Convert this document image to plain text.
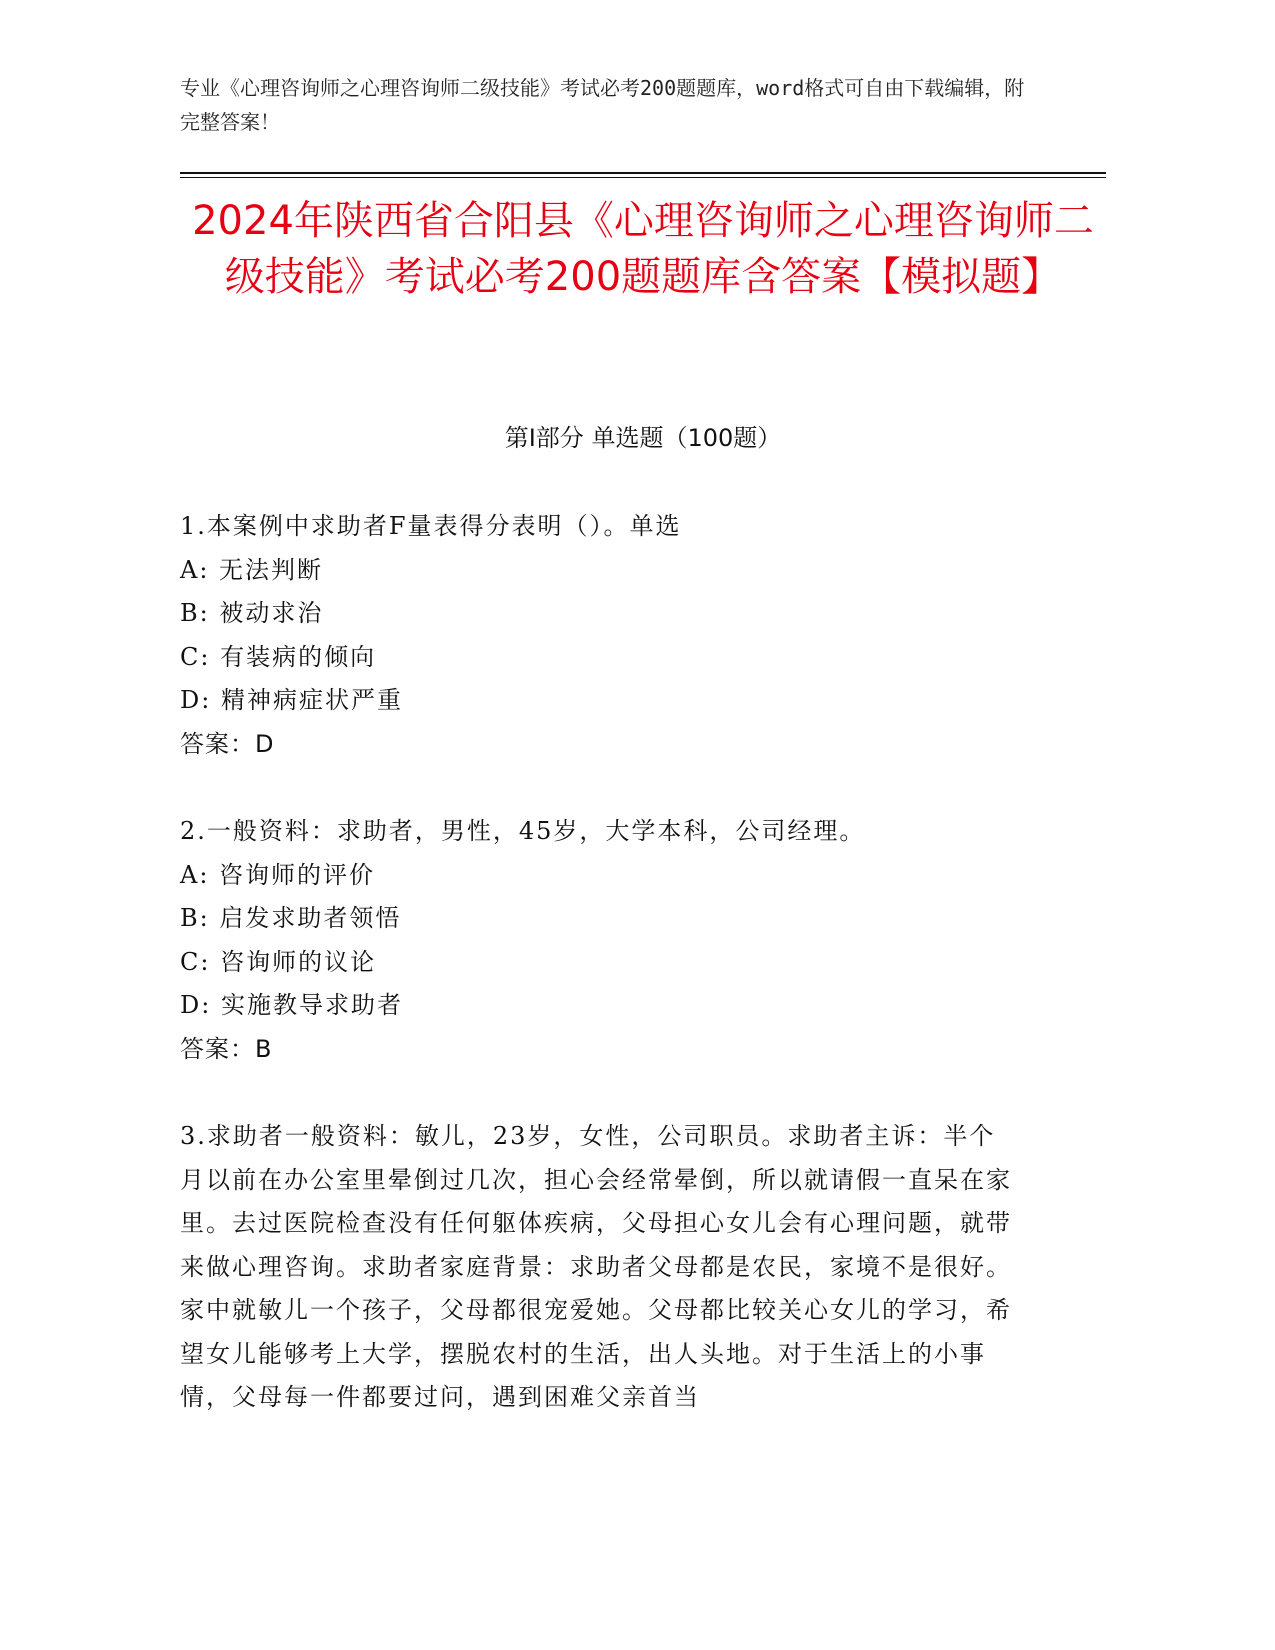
专业《心理咨询师之心理咨询师二级技能》考试必考200题题库，word格式可自由下载编辑，附完整答案！
2024年陕西省合阳县《心理咨询师之心理咨询师二级技能》考试必考200题题库含答案【模拟题】
第I部分 单选题（100题）
1.本案例中求助者F量表得分表明（）。单选
A: 无法判断
B: 被动求治
C: 有装病的倾向
D: 精神病症状严重
答案：D
2.一般资料：求助者，男性，45岁，大学本科，公司经理。
A: 咨询师的评价
B: 启发求助者领悟
C: 咨询师的议论
D: 实施教导求助者
答案：B
3.求助者一般资料：敏儿，23岁，女性，公司职员。求助者主诉：半个月以前在办公室里晕倒过几次，担心会经常晕倒，所以就请假一直呆在家里。去过医院检查没有任何躯体疾病，父母担心女儿会有心理问题，就带来做心理咨询。求助者家庭背景：求助者父母都是农民，家境不是很好。家中就敏儿一个孩子，父母都很宠爱她。父母都比较关心女儿的学习，希望女儿能够考上大学，摆脱农村的生活，出人头地。对于生活上的小事情，父母每一件都要过问，遇到困难父亲首当
